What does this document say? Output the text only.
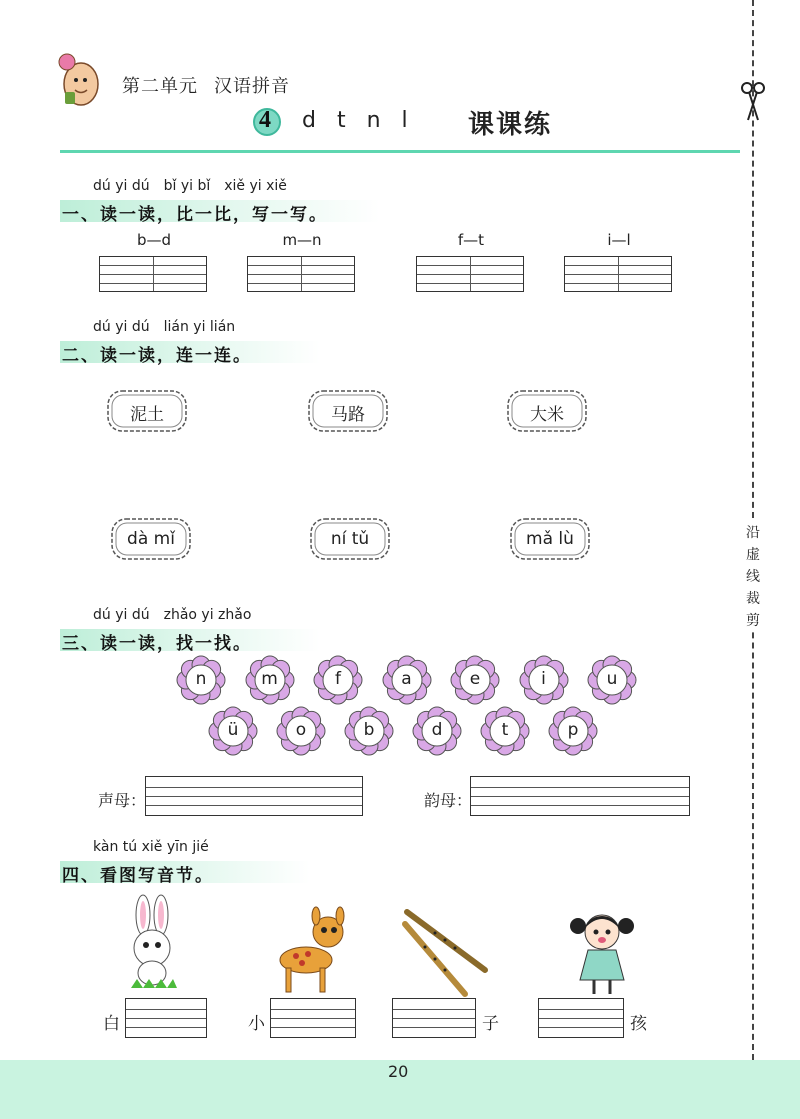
第二单元 汉语拼音
4 d t n l 课课练
沿
虚
线
裁
剪
dú yi dú bǐ yi bǐ xiě yi xiě
一、读一读，比一比，写一写。
b—d	m—n	f—t	i—l
dú yi dú lián yi lián
二、读一读，连一连。
泥土	马路	大米
dà mǐ	ní tǔ	mǎ lù
dú yi dú zhǎo yi zhǎo
三、读一读，找一找。
n	m	f	a	e	i	u
ü	o	b	d	t	p
声母：	韵母：
kàn tú xiě yīn jié
四、看图写音节。
白	小	子	孩
20
